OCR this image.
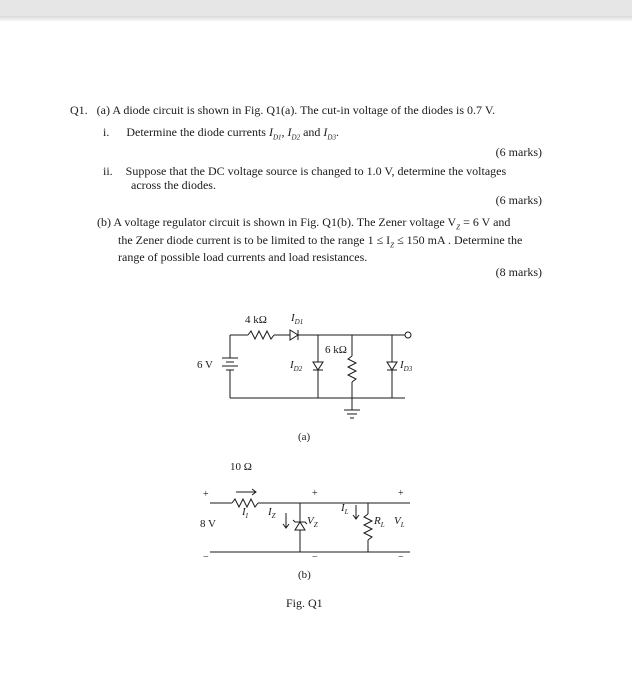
Q1. (a) A diode circuit is shown in Fig. Q1(a). The cut-in voltage of the diodes is 0.7 V.
i. Determine the diode currents $I_{D1}$, $I_{D2}$ and $I_{D3}$.
(6 marks)
ii. Suppose that the DC voltage source is changed to 1.0 V, determine the voltages
across the diodes.
(6 marks)
(b) A voltage regulator circuit is shown in Fig. Q1(b). The Zener voltage $V_Z = 6$ V and
the Zener diode current is to be limited to the range $1 \le I_Z \le 150$ mA . Determine the
range of possible load currents and load resistances.
(8 marks)
4 kΩ $I_{D1}$
6 kΩ
6 V	$I_{D2}$	$I_{D3}$
(a)
10 Ω
+
8 V
−
$I_I$ $I_Z$
+
$V_Z$
−
$I_L$
$R_L$ $V_L$
+
−
(b)
Fig. Q1
